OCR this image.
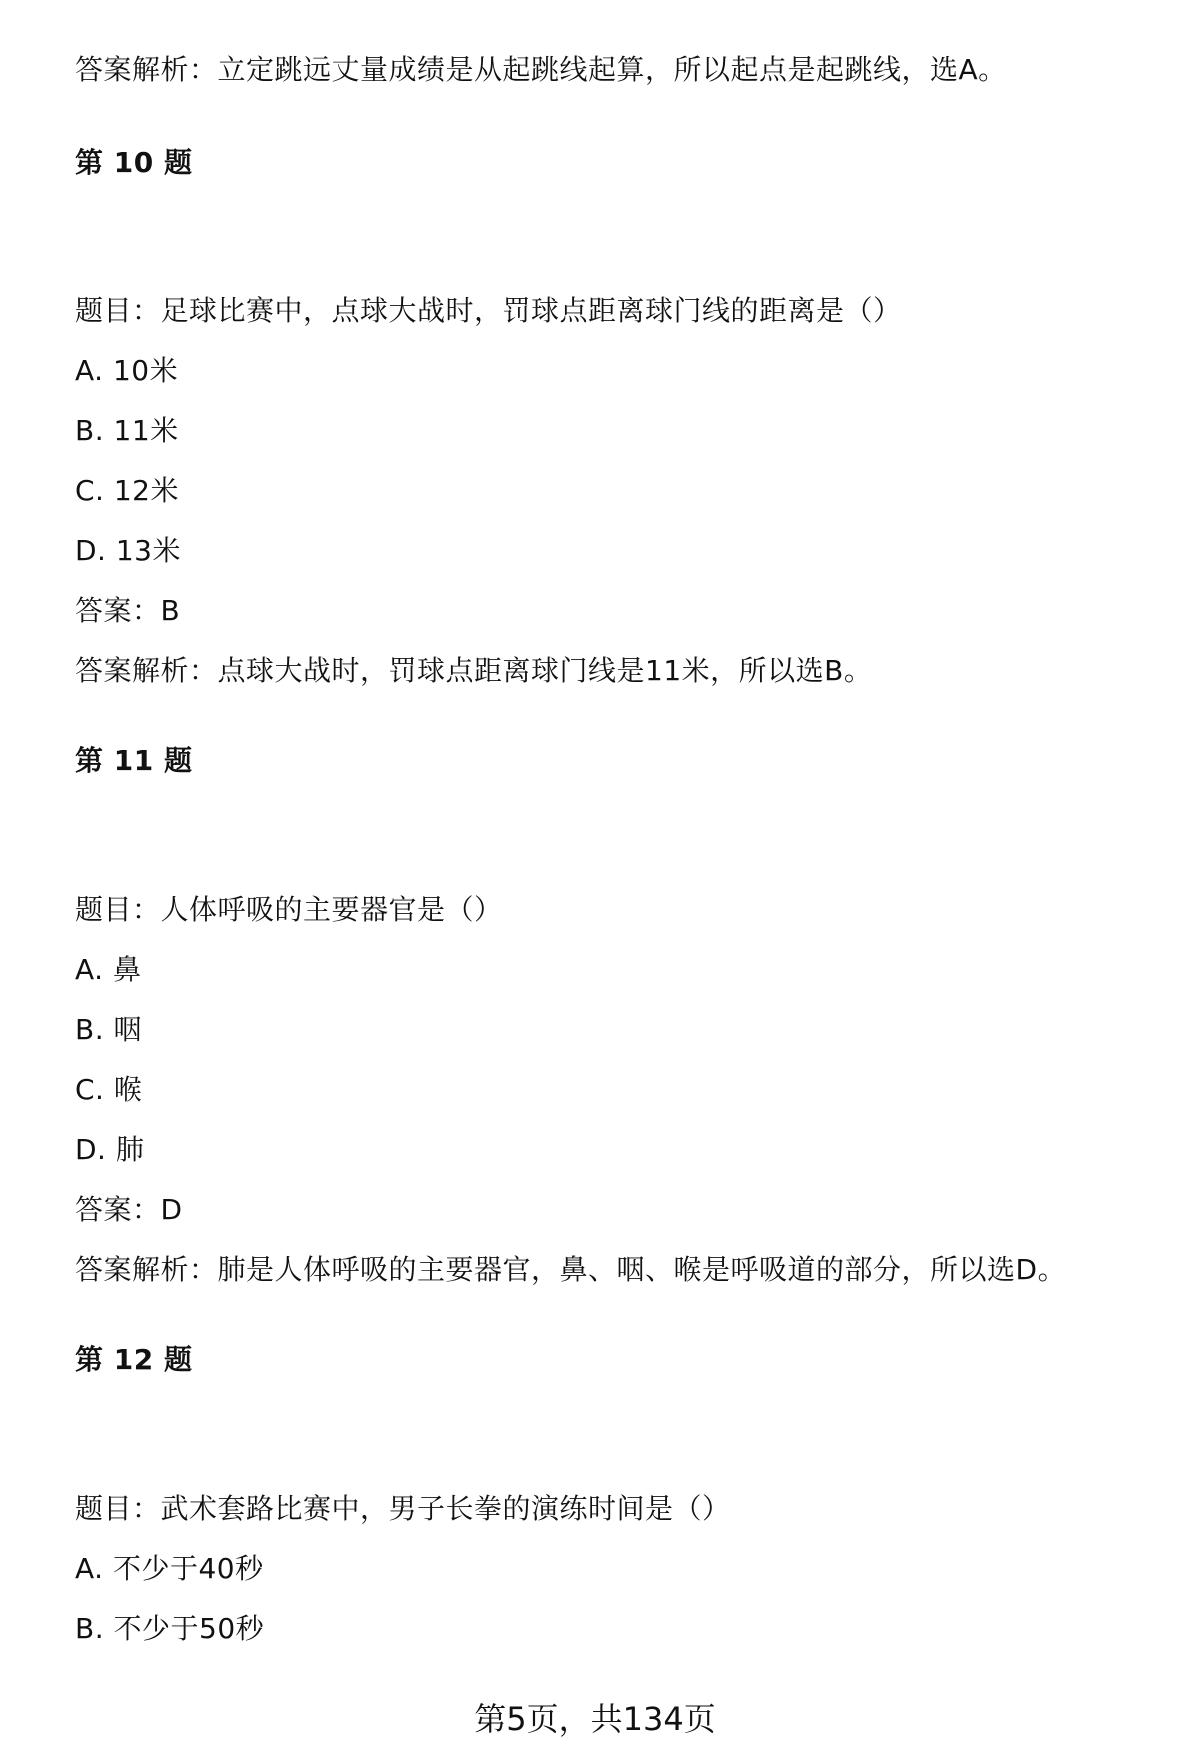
答案解析：立定跳远丈量成绩是从起跳线起算，所以起点是起跳线，选A。
第 10 题
题目：足球比赛中，点球大战时，罚球点距离球门线的距离是（）
A. 10米
B. 11米
C. 12米
D. 13米
答案：B
答案解析：点球大战时，罚球点距离球门线是11米，所以选B。
第 11 题
题目：人体呼吸的主要器官是（）
A. 鼻
B. 咽
C. 喉
D. 肺
答案：D
答案解析：肺是人体呼吸的主要器官，鼻、咽、喉是呼吸道的部分，所以选D。
第 12 题
题目：武术套路比赛中，男子长拳的演练时间是（）
A. 不少于40秒
B. 不少于50秒
第5页，共134页
